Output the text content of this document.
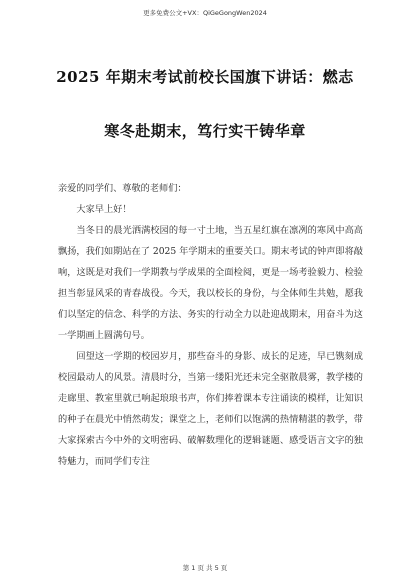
更多免费公文+VX：QiGeGongWen2024
2025 年期末考试前校长国旗下讲话：燃志
寒冬赴期末，笃行实干铸华章

亲爱的同学们、尊敬的老师们：

大家早上好！

当冬日的晨光洒满校园的每一寸土地，当五星红旗在凛冽的寒风中高高飘扬，我们如期站在了 2025 年学期末的重要关口。期末考试的钟声即将敲响，这既是对我们一学期教与学成果的全面检阅，更是一场考验毅力、检验担当彰显风采的青春战役。今天，我以校长的身份，与全体师生共勉，愿我们以坚定的信念、科学的方法、务实的行动全力以赴迎战期末，用奋斗为这一学期画上圆满句号。

回望这一学期的校园岁月，那些奋斗的身影、成长的足迹，早已镌刻成校园最动人的风景。清晨时分，当第一缕阳光还未完全驱散晨雾，教学楼的走廊里、教室里就已响起琅琅书声，你们捧着课本专注诵读的模样，让知识的种子在晨光中悄然萌发；课堂之上，老师们以饱满的热情精湛的教学，带大家探索古今中外的文明密码、破解数理化的逻辑谜题、感受语言文字的独特魅力，而同学们专注

第 1 页 共 5 页
